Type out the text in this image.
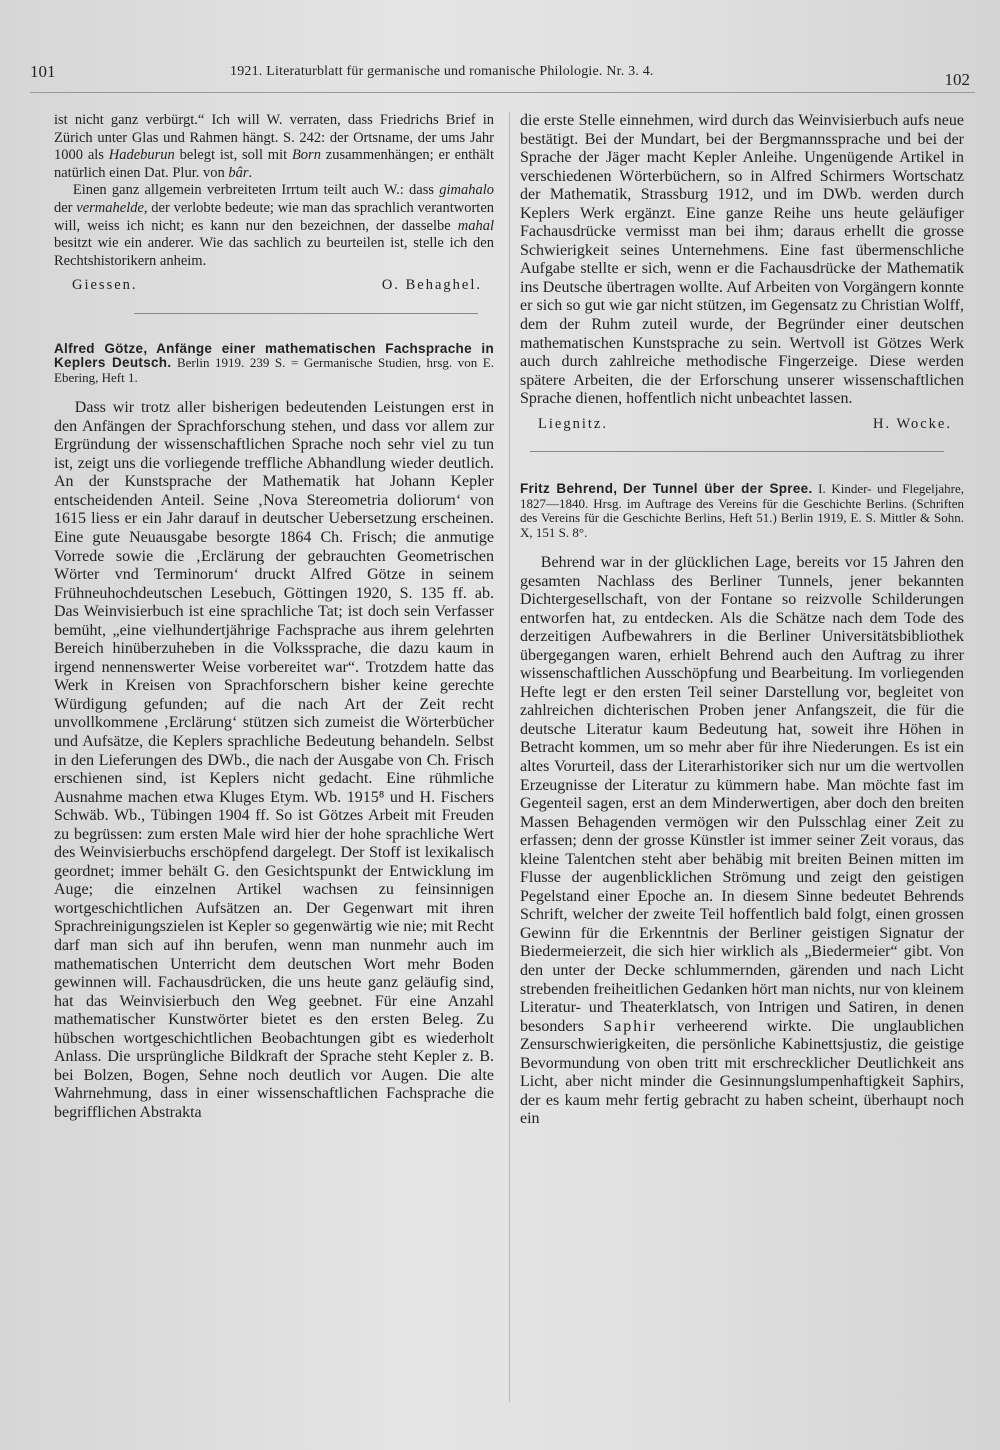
101	1921. Literaturblatt für germanische und romanische Philologie. Nr. 3. 4.	102

ist nicht ganz verbürgt.“ Ich will W. verraten, dass Friedrichs Brief in Zürich unter Glas und Rahmen hängt. S. 242: der Ortsname, der ums Jahr 1000 als Hadeburun belegt ist, soll mit Born zusammenhängen; er enthält natürlich einen Dat. Plur. von bâr.

Einen ganz allgemein verbreiteten Irrtum teilt auch W.: dass gimahalo der vermahelde, der verlobte bedeute; wie man das sprachlich verantworten will, weiss ich nicht; es kann nur den bezeichnen, der dasselbe mahal besitzt wie ein anderer. Wie das sachlich zu beurteilen ist, stelle ich den Rechtshistorikern anheim.

Giessen.	O. Behaghel.
Alfred Götze, Anfänge einer mathematischen Fachsprache in Keplers Deutsch. Berlin 1919. 239 S. = Germanische Studien, hrsg. von E. Ebering, Heft 1.

Dass wir trotz aller bisherigen bedeutenden Leistungen erst in den Anfängen der Sprachforschung stehen, und dass vor allem zur Ergründung der wissenschaftlichen Sprache noch sehr viel zu tun ist, zeigt uns die vorliegende treffliche Abhandlung wieder deutlich. An der Kunstsprache der Mathematik hat Johann Kepler entscheidenden Anteil. Seine ‚Nova Stereometria doliorum‘ von 1615 liess er ein Jahr darauf in deutscher Uebersetzung erscheinen. Eine gute Neuausgabe besorgte 1864 Ch. Frisch; die anmutige Vorrede sowie die ‚Erclärung der gebrauchten Geometrischen Wörter vnd Terminorum‘ druckt Alfred Götze in seinem Frühneuhochdeutschen Lesebuch, Göttingen 1920, S. 135 ff. ab. Das Weinvisierbuch ist eine sprachliche Tat; ist doch sein Verfasser bemüht, „eine vielhundertjährige Fachsprache aus ihrem gelehrten Bereich hinüberzuheben in die Volkssprache, die dazu kaum in irgend nennenswerter Weise vorbereitet war“. Trotzdem hatte das Werk in Kreisen von Sprachforschern bisher keine gerechte Würdigung gefunden; auf die nach Art der Zeit recht unvollkommene ‚Erclärung‘ stützen sich zumeist die Wörterbücher und Aufsätze, die Keplers sprachliche Bedeutung behandeln. Selbst in den Lieferungen des DWb., die nach der Ausgabe von Ch. Frisch erschienen sind, ist Keplers nicht gedacht. Eine rühmliche Ausnahme machen etwa Kluges Etym. Wb. 1915⁸ und H. Fischers Schwäb. Wb., Tübingen 1904 ff. So ist Götzes Arbeit mit Freuden zu begrüssen: zum ersten Male wird hier der hohe sprachliche Wert des Weinvisierbuchs erschöpfend dargelegt. Der Stoff ist lexikalisch geordnet; immer behält G. den Gesichtspunkt der Entwicklung im Auge; die einzelnen Artikel wachsen zu feinsinnigen wortgeschichtlichen Aufsätzen an. Der Gegenwart mit ihren Sprachreinigungszielen ist Kepler so gegenwärtig wie nie; mit Recht darf man sich auf ihn berufen, wenn man nunmehr auch im mathematischen Unterricht dem deutschen Wort mehr Boden gewinnen will. Fachausdrücken, die uns heute ganz geläufig sind, hat das Weinvisierbuch den Weg geebnet. Für eine Anzahl mathematischer Kunstwörter bietet es den ersten Beleg. Zu hübschen wortgeschichtlichen Beobachtungen gibt es wiederholt Anlass. Die ursprüngliche Bildkraft der Sprache steht Kepler z. B. bei Bolzen, Bogen, Sehne noch deutlich vor Augen. Die alte Wahrnehmung, dass in einer wissenschaftlichen Fachsprache die begrifflichen Abstrakta

die erste Stelle einnehmen, wird durch das Weinvisierbuch aufs neue bestätigt. Bei der Mundart, bei der Bergmannssprache und bei der Sprache der Jäger macht Kepler Anleihe. Ungenügende Artikel in verschiedenen Wörterbüchern, so in Alfred Schirmers Wortschatz der Mathematik, Strassburg 1912, und im DWb. werden durch Keplers Werk ergänzt. Eine ganze Reihe uns heute geläufiger Fachausdrücke vermisst man bei ihm; daraus erhellt die grosse Schwierigkeit seines Unternehmens. Eine fast übermenschliche Aufgabe stellte er sich, wenn er die Fachausdrücke der Mathematik ins Deutsche übertragen wollte. Auf Arbeiten von Vorgängern konnte er sich so gut wie gar nicht stützen, im Gegensatz zu Christian Wolff, dem der Ruhm zuteil wurde, der Begründer einer deutschen mathematischen Kunstsprache zu sein. Wertvoll ist Götzes Werk auch durch zahlreiche methodische Fingerzeige. Diese werden spätere Arbeiten, die der Erforschung unserer wissenschaftlichen Sprache dienen, hoffentlich nicht unbeachtet lassen.

Liegnitz.	H. Wocke.
Fritz Behrend, Der Tunnel über der Spree. I. Kinder- und Flegeljahre, 1827—1840. Hrsg. im Auftrage des Vereins für die Geschichte Berlins. (Schriften des Vereins für die Geschichte Berlins, Heft 51.) Berlin 1919, E. S. Mittler & Sohn. X, 151 S. 8°.

Behrend war in der glücklichen Lage, bereits vor 15 Jahren den gesamten Nachlass des Berliner Tunnels, jener bekannten Dichtergesellschaft, von der Fontane so reizvolle Schilderungen entworfen hat, zu entdecken. Als die Schätze nach dem Tode des derzeitigen Aufbewahrers in die Berliner Universitätsbibliothek übergegangen waren, erhielt Behrend auch den Auftrag zu ihrer wissenschaftlichen Ausschöpfung und Bearbeitung. Im vorliegenden Hefte legt er den ersten Teil seiner Darstellung vor, begleitet von zahlreichen dichterischen Proben jener Anfangszeit, die für die deutsche Literatur kaum Bedeutung hat, soweit ihre Höhen in Betracht kommen, um so mehr aber für ihre Niederungen. Es ist ein altes Vorurteil, dass der Literarhistoriker sich nur um die wertvollen Erzeugnisse der Literatur zu kümmern habe. Man möchte fast im Gegenteil sagen, erst an dem Minderwertigen, aber doch den breiten Massen Behagenden vermögen wir den Pulsschlag einer Zeit zu erfassen; denn der grosse Künstler ist immer seiner Zeit voraus, das kleine Talentchen steht aber behäbig mit breiten Beinen mitten im Flusse der augenblicklichen Strömung und zeigt den geistigen Pegelstand einer Epoche an. In diesem Sinne bedeutet Behrends Schrift, welcher der zweite Teil hoffentlich bald folgt, einen grossen Gewinn für die Erkenntnis der Berliner geistigen Signatur der Biedermeierzeit, die sich hier wirklich als „Biedermeier“ gibt. Von den unter der Decke schlummernden, gärenden und nach Licht strebenden freiheitlichen Gedanken hört man nichts, nur von kleinem Literatur- und Theaterklatsch, von Intrigen und Satiren, in denen besonders Saphir verheerend wirkte. Die unglaublichen Zensurschwierigkeiten, die persönliche Kabinettsjustiz, die geistige Bevormundung von oben tritt mit erschrecklicher Deutlichkeit ans Licht, aber nicht minder die Gesinnungslumpenhaftigkeit Saphirs, der es kaum mehr fertig gebracht zu haben scheint, überhaupt noch ein
